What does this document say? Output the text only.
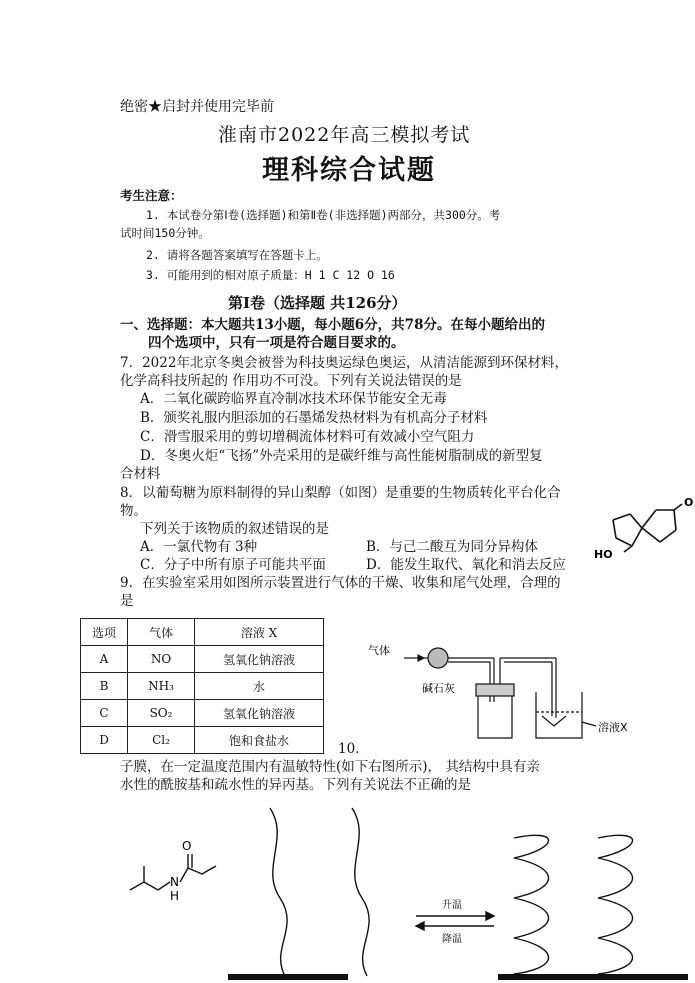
绝密★启封并使用完毕前
淮南市2022年高三模拟考试
理科综合试题
考生注意：
1. 本试卷分第Ⅰ卷(选择题)和第Ⅱ卷(非选择题)两部分，共300分。考
试时间150分钟。
2. 请将各题答案填写在答题卡上。
3. 可能用到的相对原子质量：H 1 C 12 O 16
第Ⅰ卷（选择题 共126分）
一、选择题：本大题共13小题，每小题6分，共78分。在每小题给出的
四个选项中，只有一项是符合题目要求的。
7．2022年北京冬奥会被誉为科技奥运绿色奥运，从清洁能源到环保材料，
化学高科技所起的 作用功不可没。下列有关说法错误的是
A．二氧化碳跨临界直冷制冰技术环保节能安全无毒
B．颁奖礼服内胆添加的石墨烯发热材料为有机高分子材料
C．滑雪服采用的剪切增稠流体材料可有效减小空气阻力
D．冬奥火炬“飞扬”外壳采用的是碳纤维与高性能树脂制成的新型复
合材料
8．以葡萄糖为原料制得的异山梨醇（如图）是重要的生物质转化平台化合
物。
下列关于该物质的叙述错误的是
A．一氯代物有 3种	B．与己二酸互为同分异构体
C．分子中所有原子可能共平面	D．能发生取代、氧化和消去反应
HO
O
9．在实验室采用如图所示装置进行气体的干燥、收集和尾气处理，合理的
是
选项	气体	溶液 X
A	NO	氢氧化钠溶液
B	NH₃	水
C	SO₂	氢氧化钠溶液
D	Cl₂	饱和食盐水
气体
碱石灰
溶液X
10．
子膜，在一定温度范围内有温敏特性(如下右图所示)， 其结构中具有亲
水性的酰胺基和疏水性的异丙基。下列有关说法不正确的是
O
N
H
升温
降温
